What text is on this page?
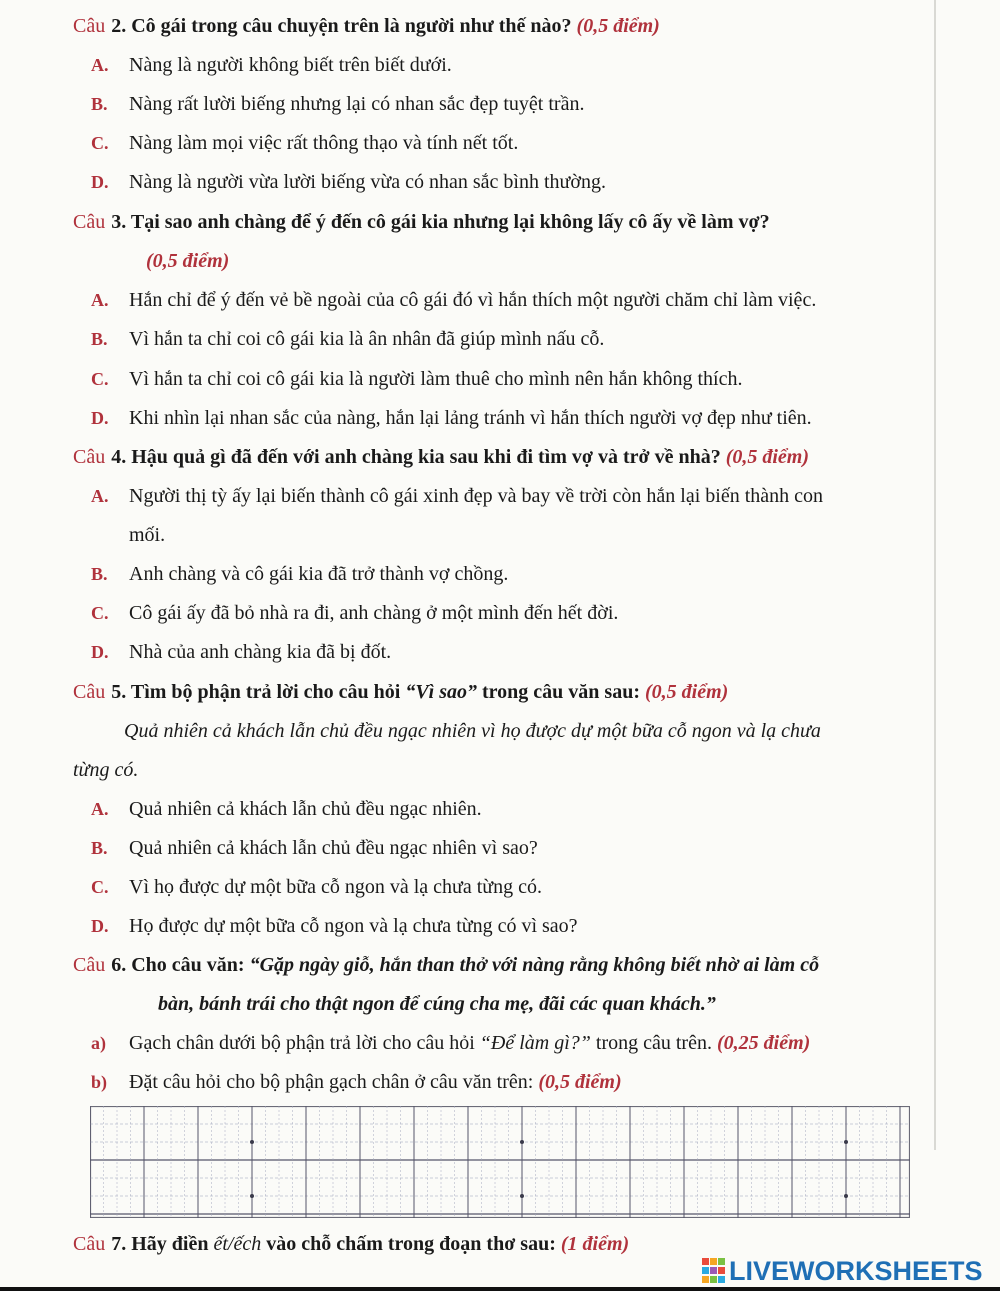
Câu 2. Cô gái trong câu chuyện trên là người như thế nào? (0,5 điểm)
A. Nàng là người không biết trên biết dưới.
B. Nàng rất lười biếng nhưng lại có nhan sắc đẹp tuyệt trần.
C. Nàng làm mọi việc rất thông thạo và tính nết tốt.
D. Nàng là người vừa lười biếng vừa có nhan sắc bình thường.
Câu 3. Tại sao anh chàng để ý đến cô gái kia nhưng lại không lấy cô ấy về làm vợ?
(0,5 điểm)
A. Hắn chỉ để ý đến vẻ bề ngoài của cô gái đó vì hắn thích một người chăm chỉ làm việc.
B. Vì hắn ta chỉ coi cô gái kia là ân nhân đã giúp mình nấu cỗ.
C. Vì hắn ta chỉ coi cô gái kia là người làm thuê cho mình nên hắn không thích.
D. Khi nhìn lại nhan sắc của nàng, hắn lại lảng tránh vì hắn thích người vợ đẹp như tiên.
Câu 4. Hậu quả gì đã đến với anh chàng kia sau khi đi tìm vợ và trở về nhà? (0,5 điểm)
A. Người thị tỳ ấy lại biến thành cô gái xinh đẹp và bay về trời còn hắn lại biến thành con
mối.
B. Anh chàng và cô gái kia đã trở thành vợ chồng.
C. Cô gái ấy đã bỏ nhà ra đi, anh chàng ở một mình đến hết đời.
D. Nhà của anh chàng kia đã bị đốt.
Câu 5. Tìm bộ phận trả lời cho câu hỏi “Vì sao” trong câu văn sau: (0,5 điểm)
Quả nhiên cả khách lẫn chủ đều ngạc nhiên vì họ được dự một bữa cỗ ngon và lạ chưa
từng có.
A. Quả nhiên cả khách lẫn chủ đều ngạc nhiên.
B. Quả nhiên cả khách lẫn chủ đều ngạc nhiên vì sao?
C. Vì họ được dự một bữa cỗ ngon và lạ chưa từng có.
D. Họ được dự một bữa cỗ ngon và lạ chưa từng có vì sao?
Câu 6. Cho câu văn: “Gặp ngày giỗ, hắn than thở với nàng rằng không biết nhờ ai làm cỗ
bàn, bánh trái cho thật ngon để cúng cha mẹ, đãi các quan khách.”
a) Gạch chân dưới bộ phận trả lời cho câu hỏi “Để làm gì?” trong câu trên. (0,25 điểm)
b) Đặt câu hỏi cho bộ phận gạch chân ở câu văn trên: (0,5 điểm)
Câu 7. Hãy điền ết/ếch vào chỗ chấm trong đoạn thơ sau: (1 điểm)
LIVEWORKSHEETS
